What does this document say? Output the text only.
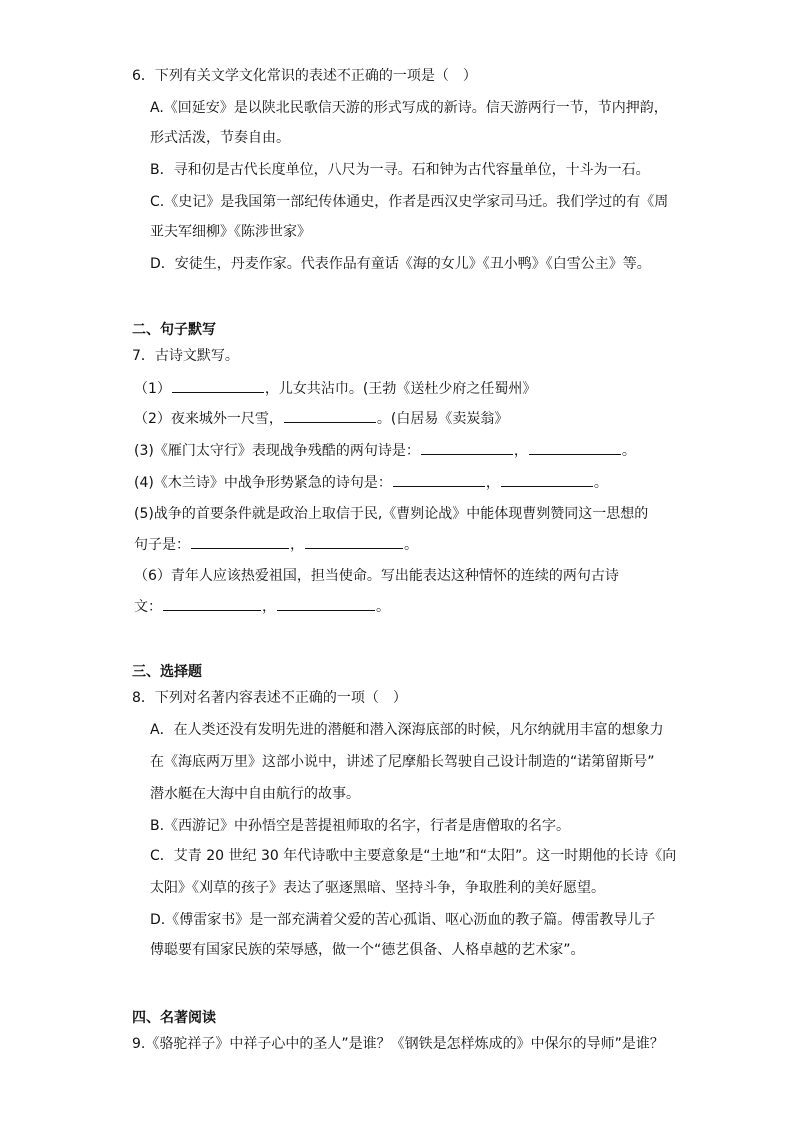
6．下列有关文学文化常识的表述不正确的一项是（　）
A.《回延安》是以陕北民歌信天游的形式写成的新诗。信天游两行一节，节内押韵，
形式活泼，节奏自由。
B．寻和仞是古代长度单位，八尺为一寻。石和钟为古代容量单位，十斗为一石。
C.《史记》是我国第一部纪传体通史，作者是西汉史学家司马迁。我们学过的有《周
亚夫军细柳》《陈涉世家》
D．安徒生，丹麦作家。代表作品有童话《海的女儿》《丑小鸭》《白雪公主》等。
二、句子默写
7．古诗文默写。
（1）	，儿女共沾巾。(王勃《送杜少府之任蜀州》
（2）夜来城外一尺雪，	。(白居易《卖炭翁》
(3)《雁门太守行》表现战争残酷的两句诗是：	，	。
(4)《木兰诗》中战争形势紧急的诗句是：	，	。
(5)战争的首要条件就是政治上取信于民,《曹刿论战》中能体现曹刿赞同这一思想的
句子是：	，	。
（6）青年人应该热爱祖国，担当使命。写出能表达这种情怀的连续的两句古诗
文：	，	。
三、选择题
8．下列对名著内容表述不正确的一项（　）
A．在人类还没有发明先进的潜艇和潜入深海底部的时候，凡尔纳就用丰富的想象力
在《海底两万里》这部小说中，讲述了尼摩船长驾驶自己设计制造的“诺第留斯号”
潜水艇在大海中自由航行的故事。
B.《西游记》中孙悟空是菩提祖师取的名字，行者是唐僧取的名字。
C．艾青 20 世纪 30 年代诗歌中主要意象是“土地”和“太阳”。这一时期他的长诗《向
太阳》《刈草的孩子》表达了驱逐黑暗、坚持斗争，争取胜利的美好愿望。
D.《傅雷家书》是一部充满着父爱的苦心孤诣、呕心沥血的教子篇。傅雷教导儿子
傅聪要有国家民族的荣辱感，做一个“德艺俱备、人格卓越的艺术家”。
四、名著阅读
9.《骆驼祥子》中祥子心中的圣人”是谁？《钢铁是怎样炼成的》中保尔的导师”是谁？
